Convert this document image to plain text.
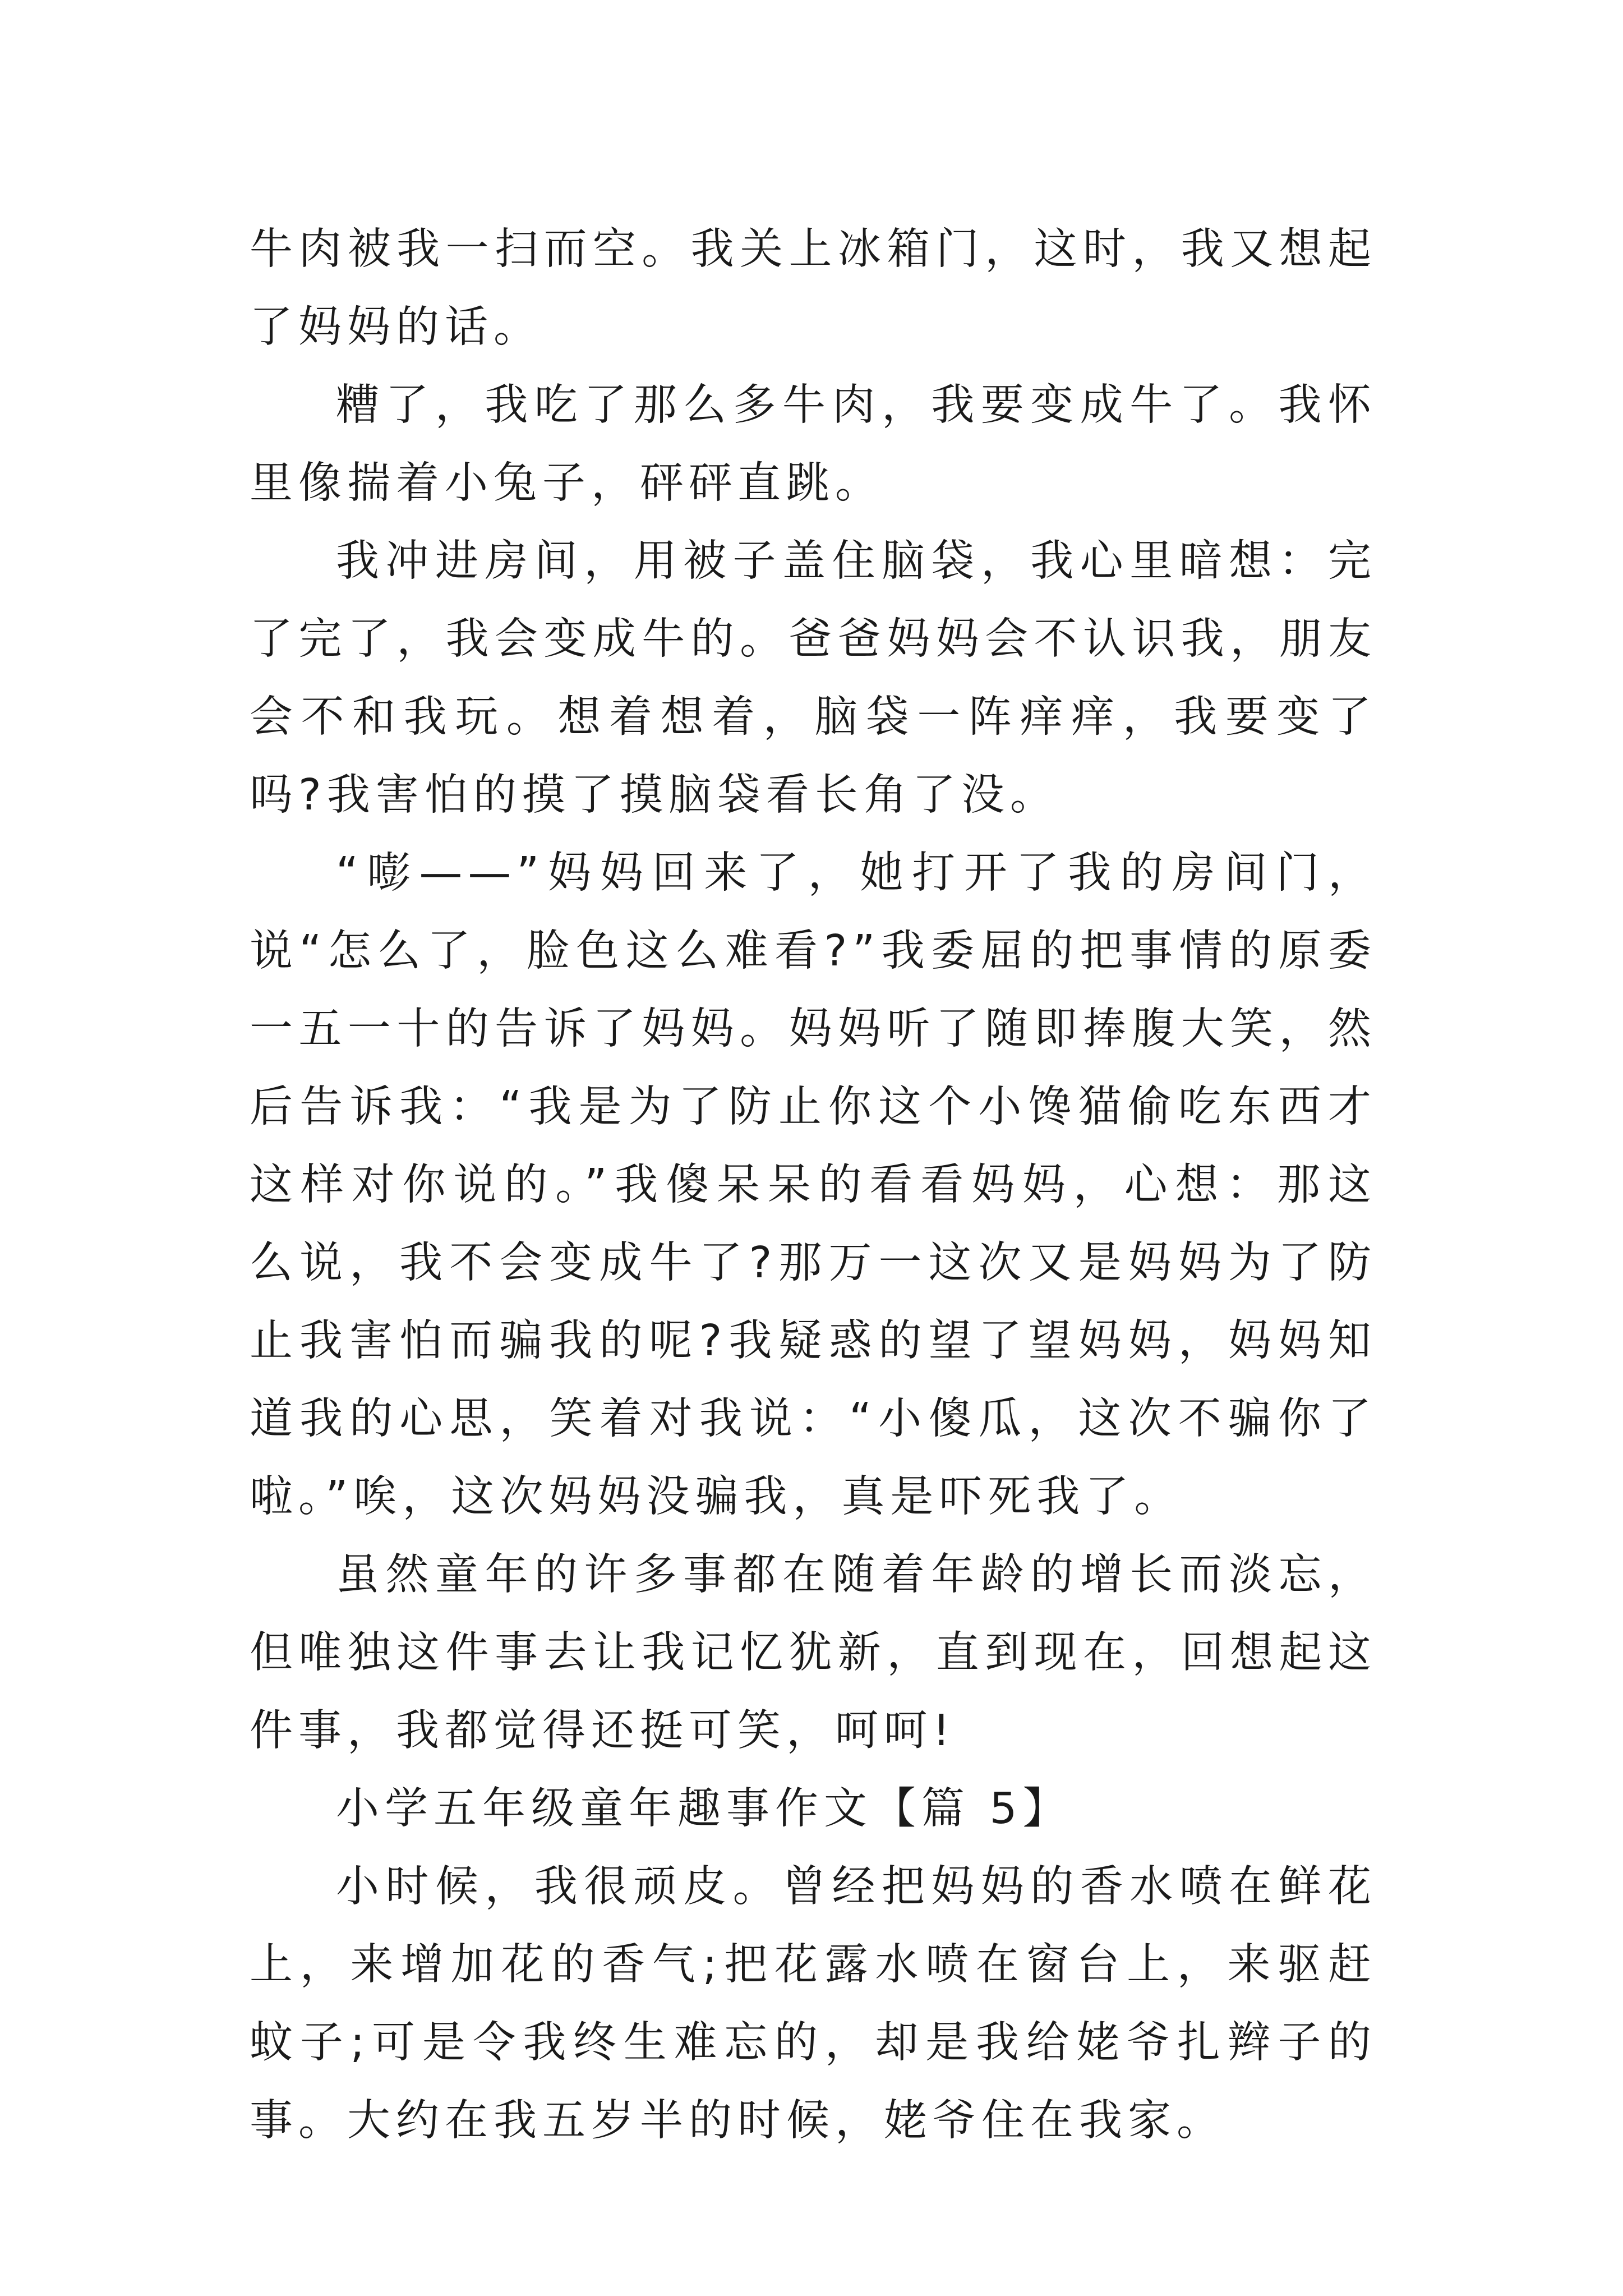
牛肉被我一扫而空。我关上冰箱门，这时，我又想起了妈妈的话。

糟了，我吃了那么多牛肉，我要变成牛了。我怀里像揣着小兔子，砰砰直跳。

我冲进房间，用被子盖住脑袋，我心里暗想：完了完了，我会变成牛的。爸爸妈妈会不认识我，朋友会不和我玩。想着想着，脑袋一阵痒痒，我要变了吗?我害怕的摸了摸脑袋看长角了没。

“嘭——”妈妈回来了，她打开了我的房间门，说“怎么了，脸色这么难看?”我委屈的把事情的原委一五一十的告诉了妈妈。妈妈听了随即捧腹大笑，然后告诉我：“我是为了防止你这个小馋猫偷吃东西才这样对你说的。”我傻呆呆的看看妈妈，心想：那这么说，我不会变成牛了?那万一这次又是妈妈为了防止我害怕而骗我的呢?我疑惑的望了望妈妈，妈妈知道我的心思，笑着对我说：“小傻瓜，这次不骗你了啦。”唉，这次妈妈没骗我，真是吓死我了。

虽然童年的许多事都在随着年龄的增长而淡忘，但唯独这件事去让我记忆犹新，直到现在，回想起这件事，我都觉得还挺可笑，呵呵!

小学五年级童年趣事作文【篇 5】

小时候，我很顽皮。曾经把妈妈的香水喷在鲜花上，来增加花的香气;把花露水喷在窗台上，来驱赶蚊子;可是令我终生难忘的，却是我给姥爷扎辫子的事。大约在我五岁半的时候，姥爷住在我家。
